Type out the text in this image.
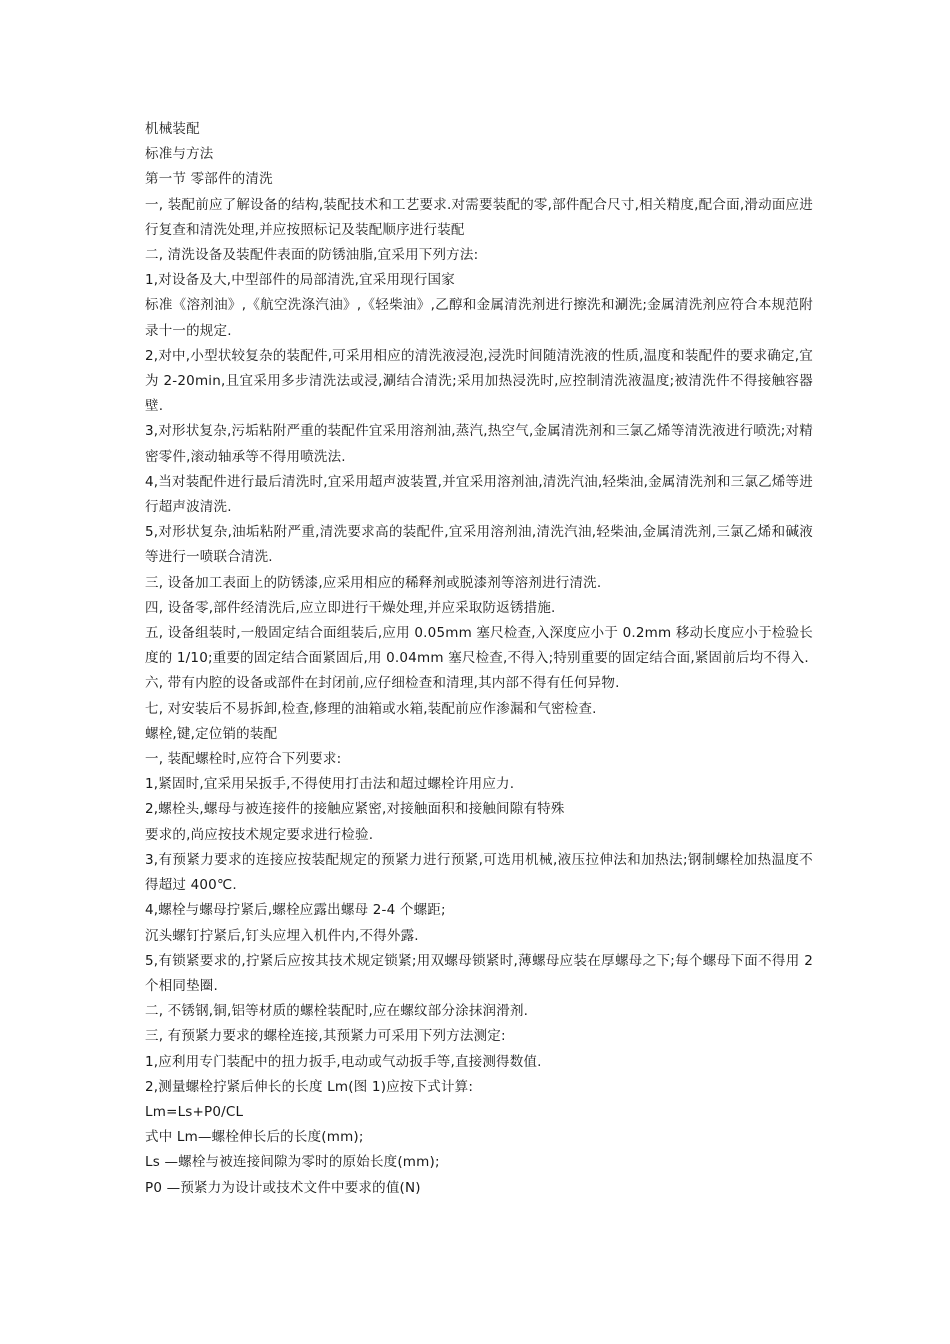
机械装配

标准与方法

第一节 零部件的清洗

一, 装配前应了解设备的结构,装配技术和工艺要求.对需要装配的零,部件配合尺寸,相关精度,配合面,滑动面应进行复查和清洗处理,并应按照标记及装配顺序进行装配

二, 清洗设备及装配件表面的防锈油脂,宜采用下列方法:

1,对设备及大,中型部件的局部清洗,宜采用现行国家

标准《溶剂油》,《航空洗涤汽油》,《轻柴油》,乙醇和金属清洗剂进行擦洗和涮洗;金属清洗剂应符合本规范附录十一的规定.

2,对中,小型状较复杂的装配件,可采用相应的清洗液浸泡,浸洗时间随清洗液的性质,温度和装配件的要求确定,宜为 2-20min,且宜采用多步清洗法或浸,涮结合清洗;采用加热浸洗时,应控制清洗液温度;被清洗件不得接触容器壁.

3,对形状复杂,污垢粘附严重的装配件宜采用溶剂油,蒸汽,热空气,金属清洗剂和三氯乙烯等清洗液进行喷洗;对精密零件,滚动轴承等不得用喷洗法.

4,当对装配件进行最后清洗时,宜采用超声波装置,并宜采用溶剂油,清洗汽油,轻柴油,金属清洗剂和三氯乙烯等进行超声波清洗.

5,对形状复杂,油垢粘附严重,清洗要求高的装配件,宜采用溶剂油,清洗汽油,轻柴油,金属清洗剂,三氯乙烯和碱液等进行一喷联合清洗.

三, 设备加工表面上的防锈漆,应采用相应的稀释剂或脱漆剂等溶剂进行清洗.

四, 设备零,部件经清洗后,应立即进行干燥处理,并应采取防返锈措施.

五, 设备组装时,一般固定结合面组装后,应用 0.05mm 塞尺检查,入深度应小于 0.2mm 移动长度应小于检验长度的 1/10;重要的固定结合面紧固后,用 0.04mm 塞尺检查,不得入;特别重要的固定结合面,紧固前后均不得入.

六, 带有内腔的设备或部件在封闭前,应仔细检查和清理,其内部不得有任何异物.

七, 对安装后不易拆卸,检查,修理的油箱或水箱,装配前应作渗漏和气密检查.

螺栓,键,定位销的装配

一, 装配螺栓时,应符合下列要求:

1,紧固时,宜采用呆扳手,不得使用打击法和超过螺栓许用应力.

2,螺栓头,螺母与被连接件的接触应紧密,对接触面积和接触间隙有特殊

要求的,尚应按技术规定要求进行检验.

3,有预紧力要求的连接应按装配规定的预紧力进行预紧,可选用机械,液压拉伸法和加热法;钢制螺栓加热温度不得超过 400℃.

4,螺栓与螺母拧紧后,螺栓应露出螺母 2-4 个螺距;

沉头螺钉拧紧后,钉头应埋入机件内,不得外露.

5,有锁紧要求的,拧紧后应按其技术规定锁紧;用双螺母锁紧时,薄螺母应装在厚螺母之下;每个螺母下面不得用 2 个相同垫圈.

二, 不锈钢,铜,铝等材质的螺栓装配时,应在螺纹部分涂抹润滑剂.

三, 有预紧力要求的螺栓连接,其预紧力可采用下列方法测定:

1,应利用专门装配中的扭力扳手,电动或气动扳手等,直接测得数值.

2,测量螺栓拧紧后伸长的长度 Lm(图 1)应按下式计算:

Lm=Ls+P0/CL

式中 Lm—螺栓伸长后的长度(mm);

Ls —螺栓与被连接间隙为零时的原始长度(mm);

P0 —预紧力为设计或技术文件中要求的值(N)
